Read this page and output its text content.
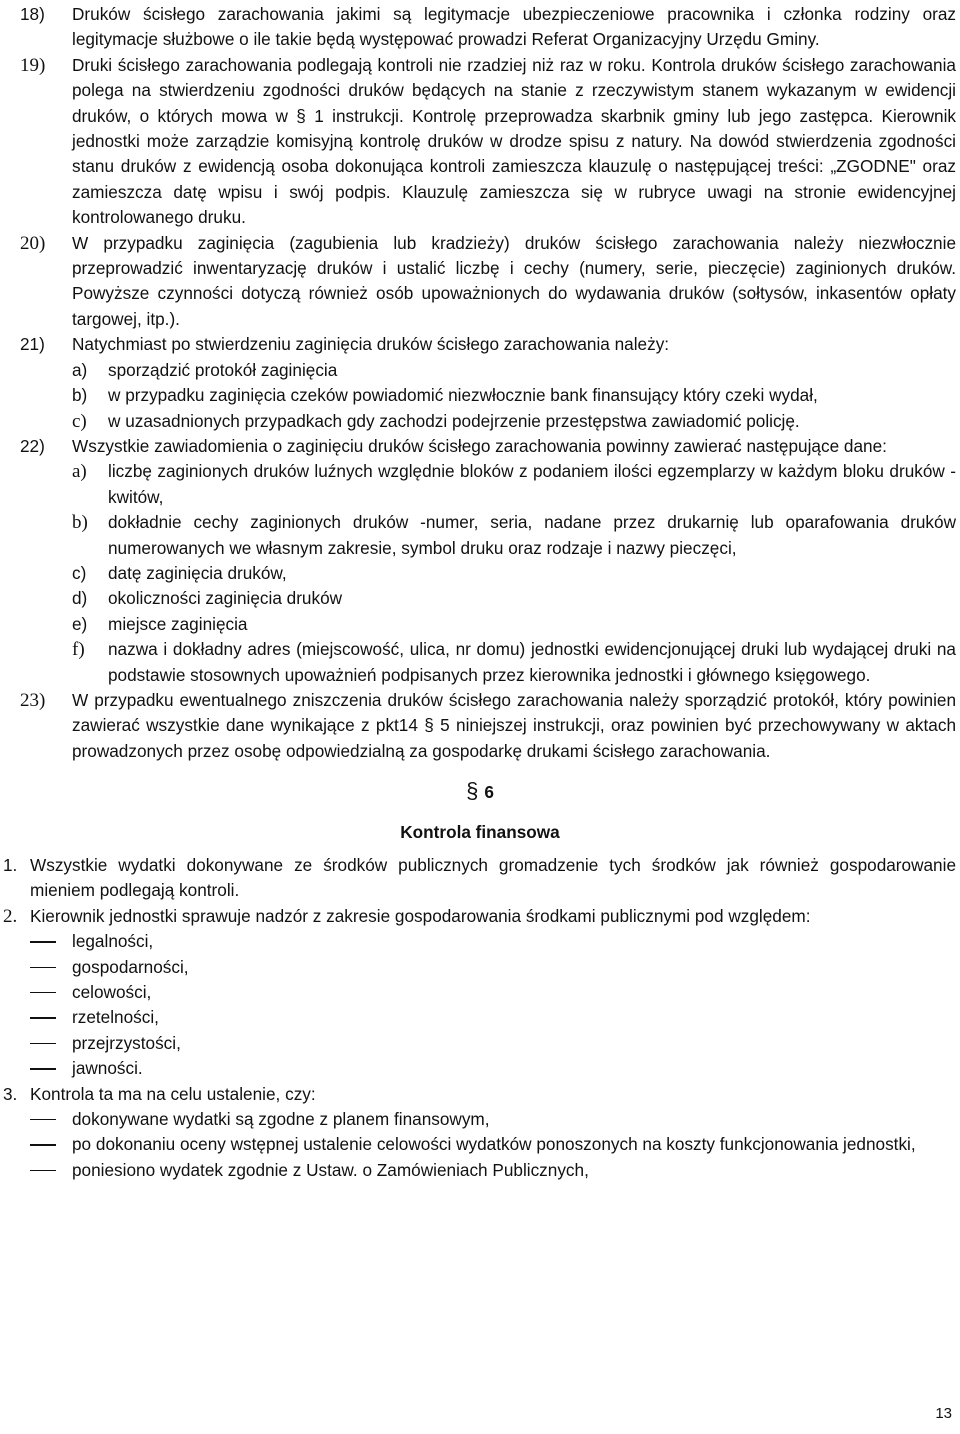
18) Druków ścisłego zarachowania jakimi są legitymacje ubezpieczeniowe pracownika i członka rodziny oraz legitymacje służbowe o ile takie będą występować prowadzi Referat Organizacyjny Urzędu Gminy.
19) Druki ścisłego zarachowania podlegają kontroli nie rzadziej niż raz w roku. Kontrola druków ścisłego zarachowania polega na stwierdzeniu zgodności druków będących na stanie z rzeczywistym stanem wykazanym w ewidencji druków, o których mowa w § 1 instrukcji. Kontrolę przeprowadza skarbnik gminy lub jego zastępca. Kierownik jednostki może zarządzie komisyjną kontrolę druków w drodze spisu z natury. Na dowód stwierdzenia zgodności stanu druków z ewidencją osoba dokonująca kontroli zamieszcza klauzulę o następującej treści: „ZGODNE" oraz zamieszcza datę wpisu i swój podpis. Klauzulę zamieszcza się w rubryce uwagi na stronie ewidencyjnej kontrolowanego druku.
20) W przypadku zaginięcia (zagubienia lub kradzieży) druków ścisłego zarachowania należy niezwłocznie przeprowadzić inwentaryzację druków i ustalić liczbę i cechy (numery, serie, pieczęcie) zaginionych druków. Powyższe czynności dotyczą również osób upoważnionych do wydawania druków (sołtysów, inkasentów opłaty targowej, itp.).
21) Natychmiast po stwierdzeniu zaginięcia druków ścisłego zarachowania należy:
a) sporządzić protokół zaginięcia
b) w przypadku zaginięcia czeków powiadomić niezwłocznie bank finansujący który czeki wydał,
c) w uzasadnionych przypadkach gdy zachodzi podejrzenie przestępstwa zawiadomić policję.
22) Wszystkie zawiadomienia o zaginięciu druków ścisłego zarachowania powinny zawierać następujące dane:
a) liczbę zaginionych druków luźnych względnie bloków z podaniem ilości egzemplarzy w każdym bloku druków - kwitów,
b) dokładnie cechy zaginionych druków -numer, seria, nadane przez drukarnię lub oparafowania druków numerowanych we własnym zakresie, symbol druku oraz rodzaje i nazwy pieczęci,
c) datę zaginięcia druków,
d) okoliczności zaginięcia druków
e) miejsce zaginięcia
f) nazwa i dokładny adres (miejscowość, ulica, nr domu) jednostki ewidencjonującej druki lub wydającej druki na podstawie stosownych upoważnień podpisanych przez kierownika jednostki i głównego księgowego.
23) W przypadku ewentualnego zniszczenia druków ścisłego zarachowania należy sporządzić protokół, który powinien zawierać wszystkie dane wynikające z pkt14 § 5 niniejszej instrukcji, oraz powinien być przechowywany w aktach prowadzonych przez osobę odpowiedzialną za gospodarkę drukami ścisłego zarachowania.
§ 6
Kontrola finansowa
1. Wszystkie wydatki dokonywane ze środków publicznych gromadzenie tych środków jak również gospodarowanie mieniem podlegają kontroli.
2. Kierownik jednostki sprawuje nadzór z zakresie gospodarowania środkami publicznymi pod względem:
legalności,
gospodarności,
celowości,
rzetelności,
przejrzystości,
jawności.
3. Kontrola ta ma na celu ustalenie, czy:
dokonywane wydatki są zgodne z planem finansowym,
po dokonaniu oceny wstępnej ustalenie celowości wydatków ponoszonych na koszty funkcjonowania jednostki,
poniesiono wydatek zgodnie z Ustaw. o Zamówieniach Publicznych,
13
